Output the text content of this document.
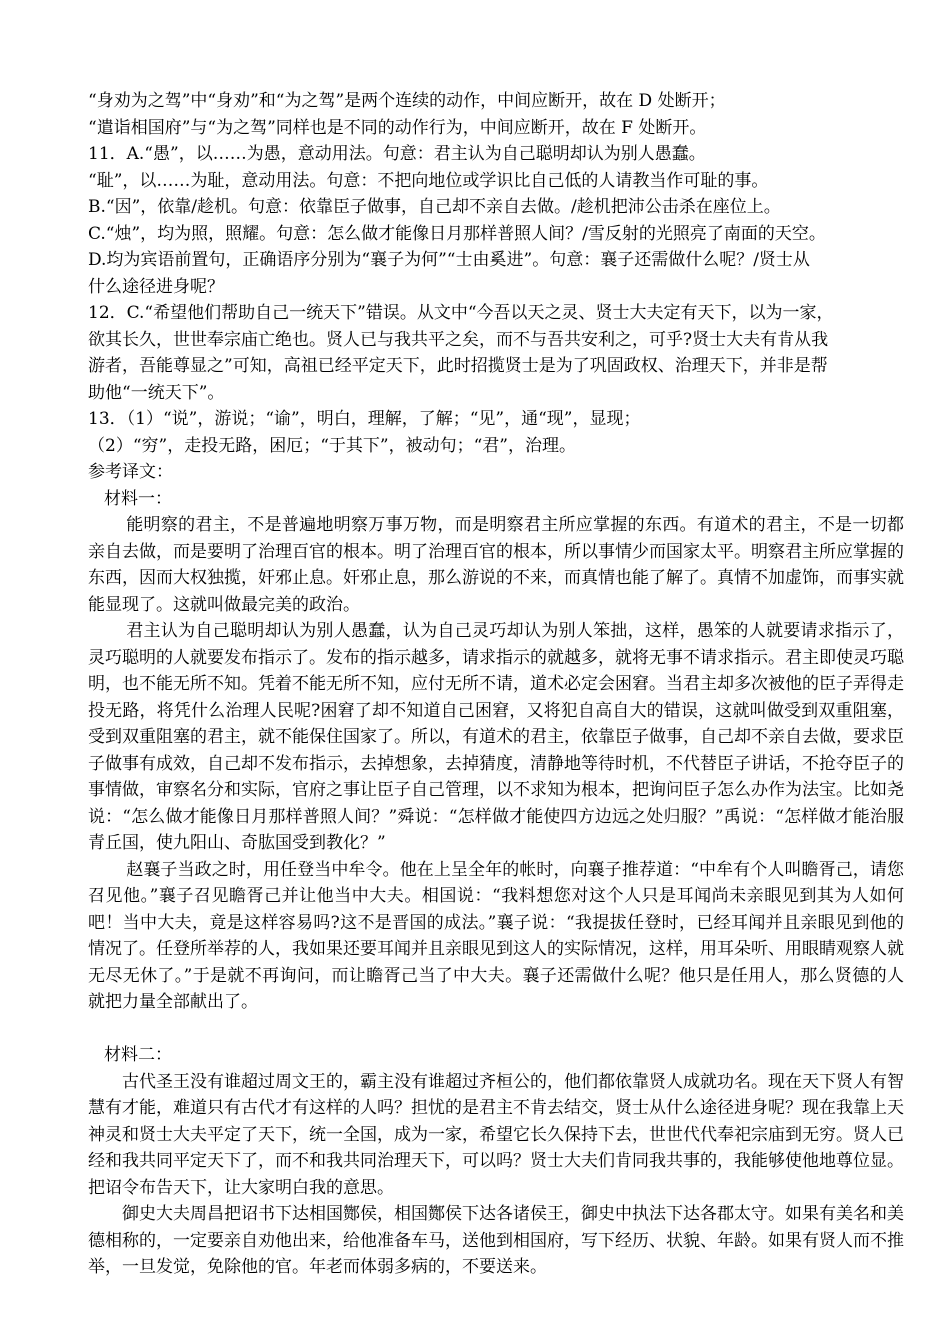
“身劝为之驾”中“身劝”和“为之驾”是两个连续的动作，中间应断开，故在 D 处断开；

“遣诣相国府”与“为之驾”同样也是不同的动作行为，中间应断开，故在 F 处断开。

11．A.“愚”，以……为愚，意动用法。句意：君主认为自己聪明却认为别人愚蠢。

“耻”，以……为耻，意动用法。句意：不把向地位或学识比自己低的人请教当作可耻的事。

B.“因”，依靠/趁机。句意：依靠臣子做事，自己却不亲自去做。/趁机把沛公击杀在座位上。

C.“烛”，均为照，照耀。句意：怎么做才能像日月那样普照人间？/雪反射的光照亮了南面的天空。

D.均为宾语前置句，正确语序分别为“襄子为何”“士由奚进”。句意：襄子还需做什么呢？/贤士从

什么途径进身呢？

12．C.“希望他们帮助自己一统天下”错误。从文中“今吾以天之灵、贤士大夫定有天下，以为一家，

欲其长久，世世奉宗庙亡绝也。贤人已与我共平之矣，而不与吾共安利之，可乎?贤士大夫有肯从我

游者，吾能尊显之”可知，高祖已经平定天下，此时招揽贤士是为了巩固政权、治理天下，并非是帮

助他“一统天下”。

13．（1）“说”，游说；“谕”，明白，理解，了解；“见”，通“现”，显现；

（2）“穷”，走投无路，困厄；“于其下”，被动句；“君”，治理。

参考译文：

材料一：

能明察的君主，不是普遍地明察万事万物，而是明察君主所应掌握的东西。有道术的君主，不是一切都亲自去做，而是要明了治理百官的根本。明了治理百官的根本，所以事情少而国家太平。明察君主所应掌握的东西，因而大权独揽，奸邪止息。奸邪止息，那么游说的不来，而真情也能了解了。真情不加虚饰，而事实就能显现了。这就叫做最完美的政治。

君主认为自己聪明却认为别人愚蠢，认为自己灵巧却认为别人笨拙，这样，愚笨的人就要请求指示了，灵巧聪明的人就要发布指示了。发布的指示越多，请求指示的就越多，就将无事不请求指示。君主即使灵巧聪明，也不能无所不知。凭着不能无所不知，应付无所不请，道术必定会困窘。当君主却多次被他的臣子弄得走投无路，将凭什么治理人民呢?困窘了却不知道自己困窘，又将犯自高自大的错误，这就叫做受到双重阻塞，受到双重阻塞的君主，就不能保住国家了。所以，有道术的君主，依靠臣子做事，自己却不亲自去做，要求臣子做事有成效，自己却不发布指示，去掉想象，去掉猜度，清静地等待时机，不代替臣子讲话，不抢夺臣子的事情做，审察名分和实际，官府之事让臣子自己管理，以不求知为根本，把询问臣子怎么办作为法宝。比如尧说：“怎么做才能像日月那样普照人间？”舜说：“怎样做才能使四方边远之处归服？”禹说：“怎样做才能治服青丘国，使九阳山、奇肱国受到教化？”

赵襄子当政之时，用任登当中牟令。他在上呈全年的帐时，向襄子推荐道：“中牟有个人叫瞻胥己，请您召见他。”襄子召见瞻胥己并让他当中大夫。相国说：“我料想您对这个人只是耳闻尚未亲眼见到其为人如何吧！当中大夫，竟是这样容易吗?这不是晋国的成法。”襄子说：“我提拔任登时，已经耳闻并且亲眼见到他的情况了。任登所举荐的人，我如果还要耳闻并且亲眼见到这人的实际情况，这样，用耳朵听、用眼睛观察人就无尽无休了。”于是就不再询问，而让瞻胥己当了中大夫。襄子还需做什么呢？他只是任用人，那么贤德的人就把力量全部献出了。

材料二：

古代圣王没有谁超过周文王的，霸主没有谁超过齐桓公的，他们都依靠贤人成就功名。现在天下贤人有智慧有才能，难道只有古代才有这样的人吗？担忧的是君主不肯去结交，贤士从什么途径进身呢？现在我靠上天神灵和贤士大夫平定了天下，统一全国，成为一家，希望它长久保持下去，世世代代奉祀宗庙到无穷。贤人已经和我共同平定天下了，而不和我共同治理天下，可以吗？贤士大夫们肯同我共事的，我能够使他地尊位显。把诏令布告天下，让大家明白我的意思。

御史大夫周昌把诏书下达相国酂侯，相国酂侯下达各诸侯王，御史中执法下达各郡太守。如果有美名和美德相称的，一定要亲自劝他出来，给他准备车马，送他到相国府，写下经历、状貌、年龄。如果有贤人而不推举，一旦发觉，免除他的官。年老而体弱多病的，不要送来。
